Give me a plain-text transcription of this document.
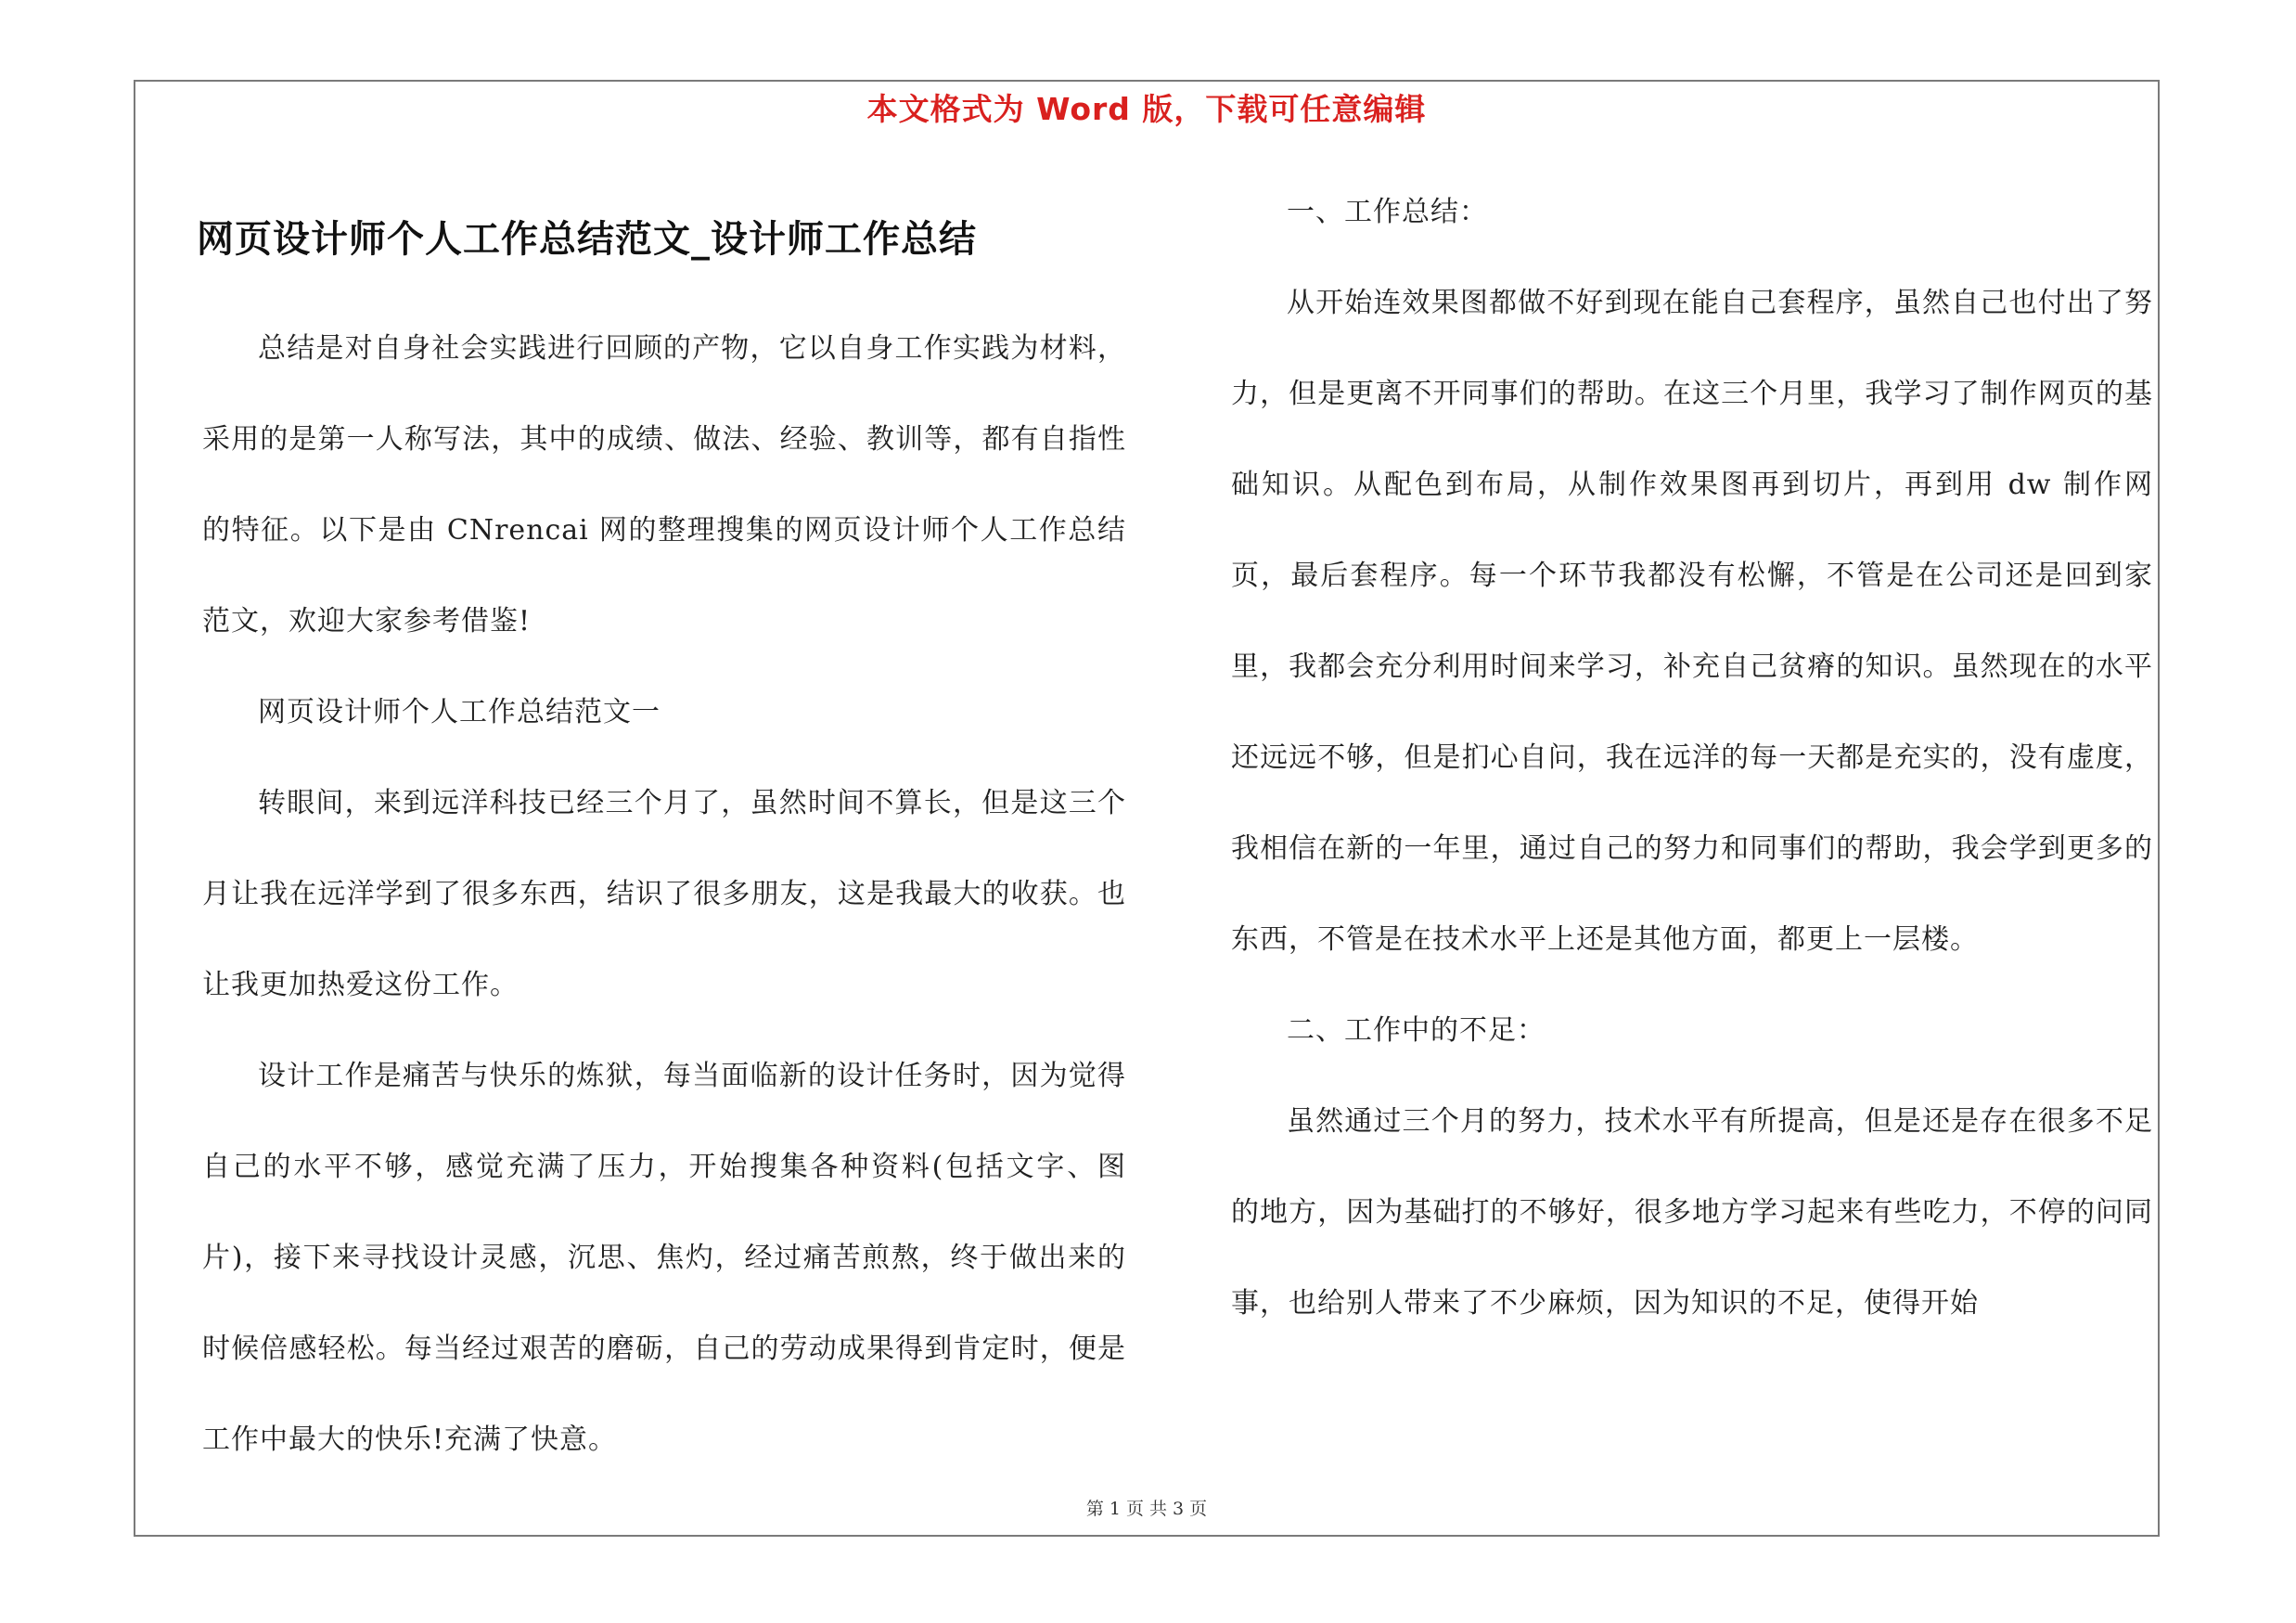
本文格式为 Word 版，下载可任意编辑
网页设计师个人工作总结范文_设计师工作总结

总结是对自身社会实践进行回顾的产物，它以自身工作实践为材料，采用的是第一人称写法，其中的成绩、做法、经验、教训等，都有自指性的特征。以下是由 CNrencai 网的整理搜集的网页设计师个人工作总结范文，欢迎大家参考借鉴!

网页设计师个人工作总结范文一

转眼间，来到远洋科技已经三个月了，虽然时间不算长，但是这三个月让我在远洋学到了很多东西，结识了很多朋友，这是我最大的收获。也让我更加热爱这份工作。

设计工作是痛苦与快乐的炼狱，每当面临新的设计任务时，因为觉得自己的水平不够，感觉充满了压力，开始搜集各种资料(包括文字、图片)，接下来寻找设计灵感，沉思、焦灼，经过痛苦煎熬，终于做出来的时候倍感轻松。每当经过艰苦的磨砺，自己的劳动成果得到肯定时，便是工作中最大的快乐!充满了快意。

一、工作总结：

从开始连效果图都做不好到现在能自己套程序，虽然自己也付出了努力，但是更离不开同事们的帮助。在这三个月里，我学习了制作网页的基础知识。从配色到布局，从制作效果图再到切片，再到用 dw 制作网页，最后套程序。每一个环节我都没有松懈，不管是在公司还是回到家里，我都会充分利用时间来学习，补充自己贫瘠的知识。虽然现在的水平还远远不够，但是扪心自问，我在远洋的每一天都是充实的，没有虚度，我相信在新的一年里，通过自己的努力和同事们的帮助，我会学到更多的东西，不管是在技术水平上还是其他方面，都更上一层楼。

二、工作中的不足：

虽然通过三个月的努力，技术水平有所提高，但是还是存在很多不足的地方，因为基础打的不够好，很多地方学习起来有些吃力，不停的问同事，也给别人带来了不少麻烦，因为知识的不足，使得开始

第 1 页 共 3 页
